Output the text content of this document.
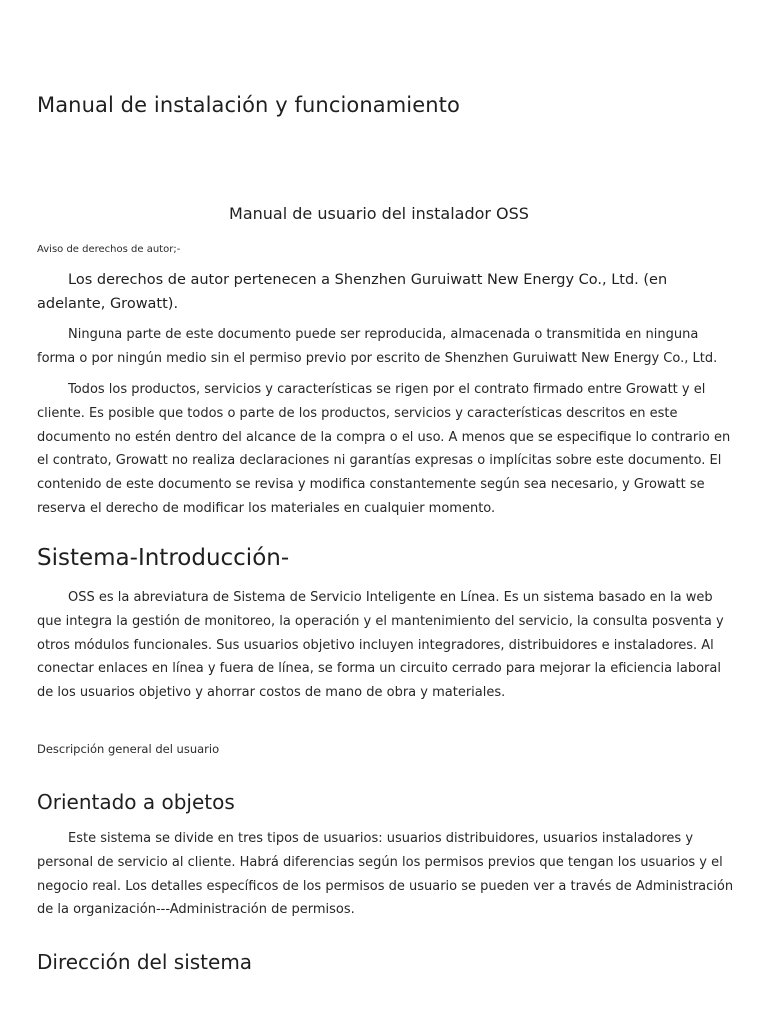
Manual de instalación y funcionamiento
Manual de usuario del instalador OSS
Aviso de derechos de autor;-

Los derechos de autor pertenecen a Shenzhen Guruiwatt New Energy Co., Ltd. (en adelante, Growatt).

Ninguna parte de este documento puede ser reproducida, almacenada o transmitida en ninguna forma o por ningún medio sin el permiso previo por escrito de Shenzhen Guruiwatt New Energy Co., Ltd.

Todos los productos, servicios y características se rigen por el contrato firmado entre Growatt y el cliente. Es posible que todos o parte de los productos, servicios y características descritos en este documento no estén dentro del alcance de la compra o el uso. A menos que se especifique lo contrario en el contrato, Growatt no realiza declaraciones ni garantías expresas o implícitas sobre este documento. El contenido de este documento se revisa y modifica constantemente según sea necesario, y Growatt se reserva el derecho de modificar los materiales en cualquier momento.

Sistema-Introducción-

OSS es la abreviatura de Sistema de Servicio Inteligente en Línea. Es un sistema basado en la web que integra la gestión de monitoreo, la operación y el mantenimiento del servicio, la consulta posventa y otros módulos funcionales. Sus usuarios objetivo incluyen integradores, distribuidores e instaladores. Al conectar enlaces en línea y fuera de línea, se forma un circuito cerrado para mejorar la eficiencia laboral de los usuarios objetivo y ahorrar costos de mano de obra y materiales.

Descripción general del usuario
Orientado a objetos

Este sistema se divide en tres tipos de usuarios: usuarios distribuidores, usuarios instaladores y personal de servicio al cliente. Habrá diferencias según los permisos previos que tengan los usuarios y el negocio real. Los detalles específicos de los permisos de usuario se pueden ver a través de Administración de la organización---Administración de permisos.

Dirección del sistema
